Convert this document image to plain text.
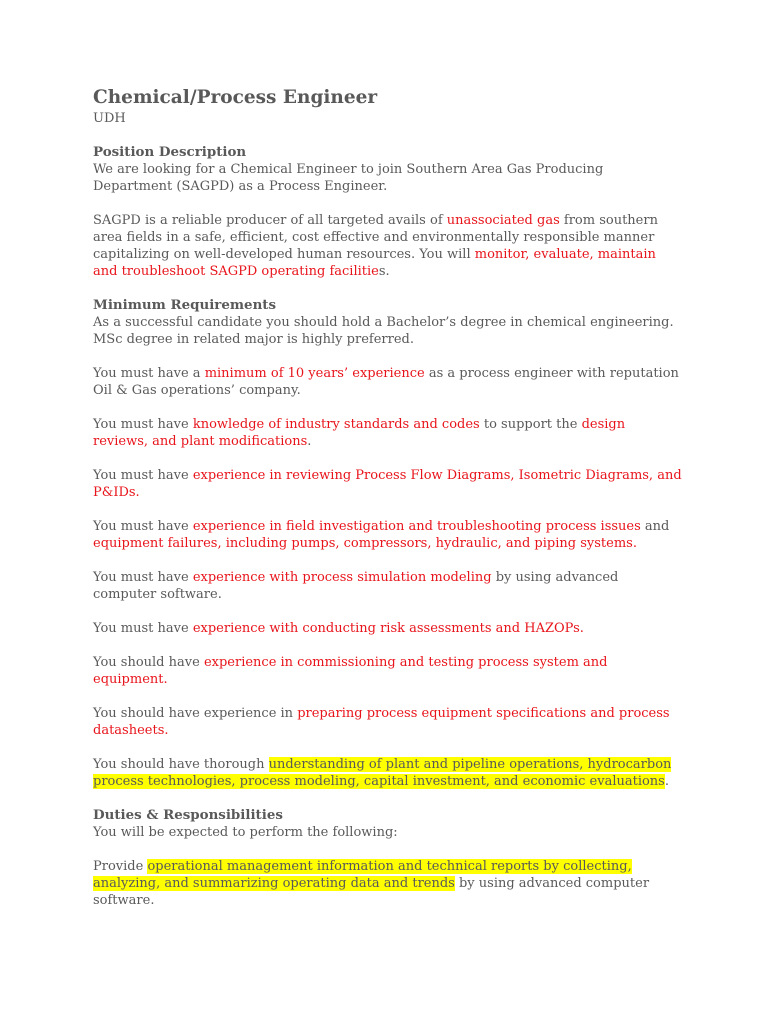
Chemical/Process Engineer

UDH

Position Description

We are looking for a Chemical Engineer to join Southern Area Gas Producing Department (SAGPD) as a Process Engineer.

SAGPD is a reliable producer of all targeted avails of unassociated gas from southern area fields in a safe, efficient, cost effective and environmentally responsible manner capitalizing on well-developed human resources. You will monitor, evaluate, maintain and troubleshoot SAGPD operating facilities.

Minimum Requirements

As a successful candidate you should hold a Bachelor’s degree in chemical engineering. MSc degree in related major is highly preferred.

You must have a minimum of 10 years’ experience as a process engineer with reputation Oil & Gas operations’ company.

You must have knowledge of industry standards and codes to support the design reviews, and plant modifications.

You must have experience in reviewing Process Flow Diagrams, Isometric Diagrams, and P&IDs.

You must have experience in field investigation and troubleshooting process issues and equipment failures, including pumps, compressors, hydraulic, and piping systems.

You must have experience with process simulation modeling by using advanced computer software.

You must have experience with conducting risk assessments and HAZOPs.

You should have experience in commissioning and testing process system and equipment.

You should have experience in preparing process equipment specifications and process datasheets.

You should have thorough understanding of plant and pipeline operations, hydrocarbon process technologies, process modeling, capital investment, and economic evaluations.

Duties & Responsibilities

You will be expected to perform the following:

Provide operational management information and technical reports by collecting, analyzing, and summarizing operating data and trends by using advanced computer software.
